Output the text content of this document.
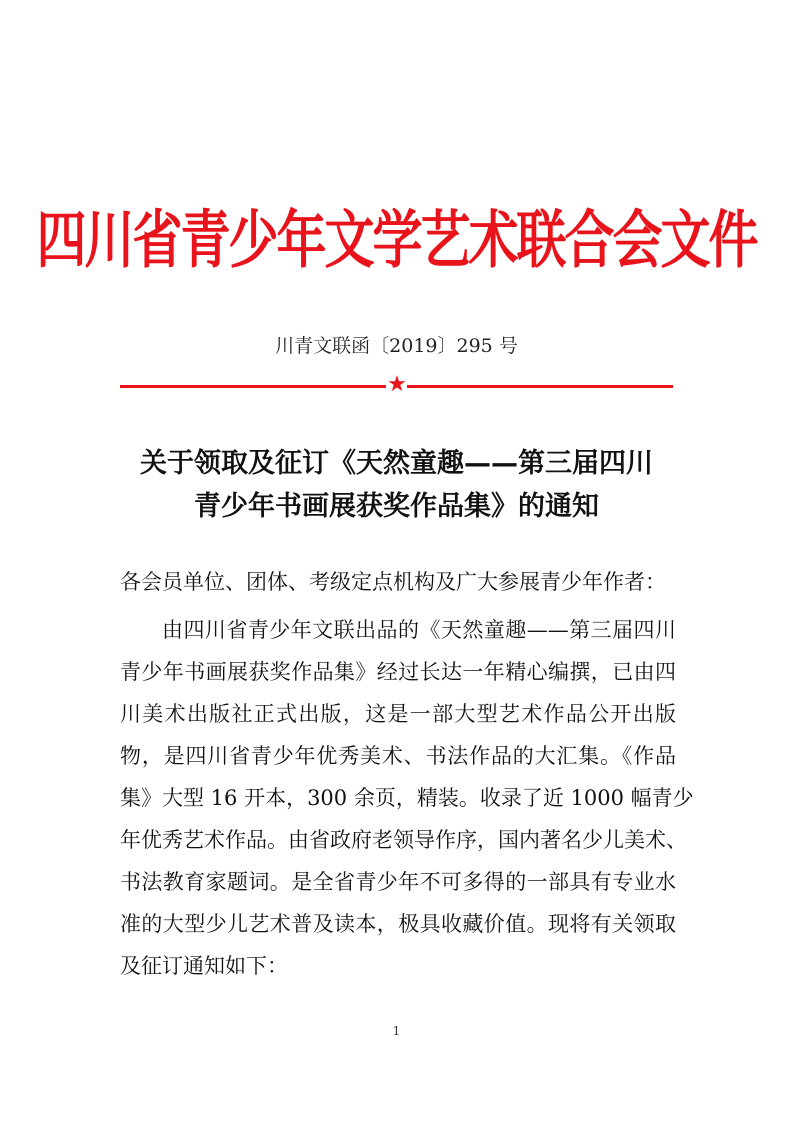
四川省青少年文学艺术联合会文件
川青文联函〔2019〕295 号
★
关于领取及征订《天然童趣——第三届四川
青少年书画展获奖作品集》的通知
各会员单位、团体、考级定点机构及广大参展青少年作者：
由四川省青少年文联出品的《天然童趣——第三届四川
青少年书画展获奖作品集》经过长达一年精心编撰，已由四
川美术出版社正式出版，这是一部大型艺术作品公开出版
物，是四川省青少年优秀美术、书法作品的大汇集。《作品
集》大型 16 开本，300 余页，精装。收录了近 1000 幅青少
年优秀艺术作品。由省政府老领导作序，国内著名少儿美术、
书法教育家题词。是全省青少年不可多得的一部具有专业水
准的大型少儿艺术普及读本，极具收藏价值。现将有关领取
及征订通知如下：
1
